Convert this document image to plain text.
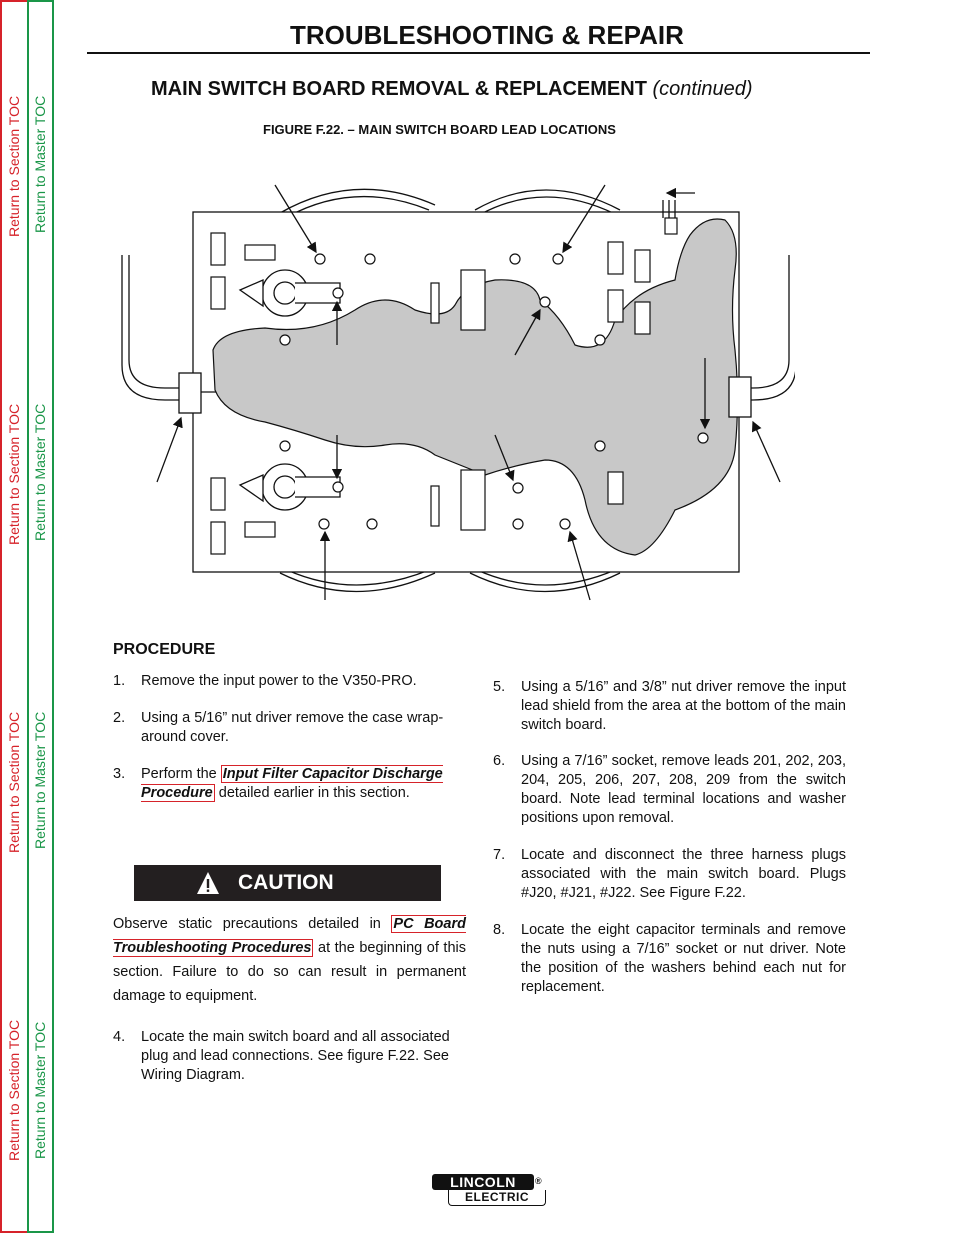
Return to Section TOC Return to Master TOC
Return to Section TOC Return to Master TOC
Return to Section TOC Return to Master TOC
Return to Section TOC Return to Master TOC
TROUBLESHOOTING & REPAIR
MAIN SWITCH BOARD REMOVAL & REPLACEMENT (continued)
FIGURE F.22. – MAIN SWITCH BOARD LEAD LOCATIONS
PROCEDURE
1.	Remove the input power to the V350-PRO.
2.	Using a 5/16” nut driver remove the case wrap-around cover.
3.	Perform the Input Filter Capacitor Discharge Procedure detailed earlier in this section.
CAUTION
Observe static precautions detailed in PC Board Troubleshooting Procedures at the beginning of this section. Failure to do so can result in permanent damage to equipment.
4.	Locate the main switch board and all associated plug and lead connections. See figure F.22. See Wiring Diagram.
5.	Using a 5/16” and 3/8” nut driver remove the input lead shield from the area at the bottom of the main switch board.
6.	Using a 7/16” socket, remove leads 201, 202, 203, 204, 205, 206, 207, 208, 209 from the switch board. Note lead terminal locations and washer positions upon removal.
7.	Locate and disconnect the three harness plugs associated with the main switch board. Plugs #J20, #J21, #J22. See Figure F.22.
8.	Locate the eight capacitor terminals and remove the nuts using a 7/16” socket or nut driver. Note the position of the washers behind each nut for replacement.
LINCOLN	®
ELECTRIC
